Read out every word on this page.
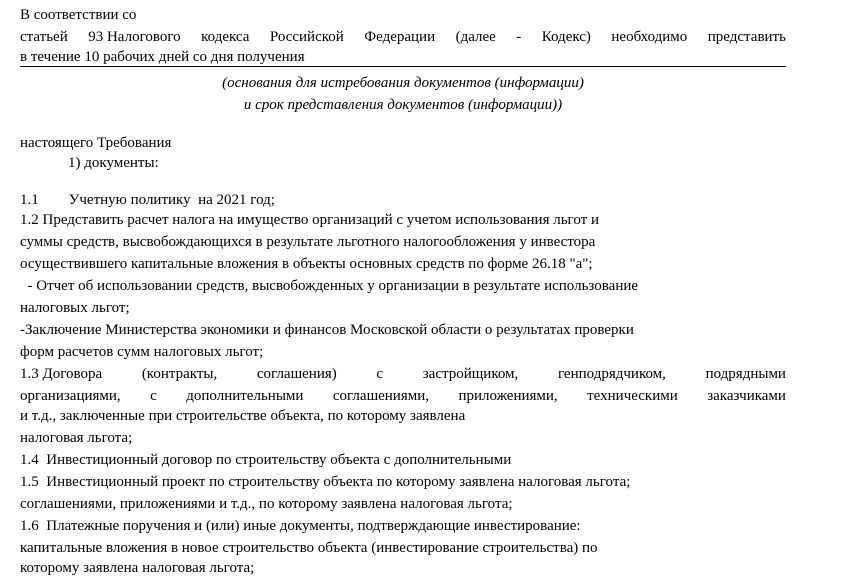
В соответствии со
статьей 93 Налогового кодекса Российской Федерации (далее - Кодекс) необходимо представить
в течение 10 рабочих дней со дня получения
(основания для истребования документов (информации)
и срок представления документов (информации))
настоящего Требования
1) документы:
1.1        Учетную политику  на 2021 год;
1.2 Представить расчет налога на имущество организаций с учетом использования льгот и
суммы средств, высвобождающихся в результате льготного налогообложения у инвестора
осуществившего капитальные вложения в объекты основных средств по форме 26.18 "а";
- Отчет об использовании средств, высвобожденных у организации в результате использование
налоговых льгот;
-Заключение Министерства экономики и финансов Московской области о результатах проверки
форм расчетов сумм налоговых льгот;
1.3 Договора	(контракты,	соглашения)	с	застройщиком,	генподрядчиком,	подрядными
организациями, с дополнительными соглашениями, приложениями, техническими заказчиками
и т.д., заключенные при строительстве объекта, по которому заявлена
налоговая льгота;
1.4  Инвестиционный договор по строительству объекта с дополнительными
1.5  Инвестиционный проект по строительству объекта по которому заявлена налоговая льгота;
соглашениями, приложениями и т.д., по которому заявлена налоговая льгота;
1.6  Платежные поручения и (или) иные документы, подтверждающие инвестирование:
капитальные вложения в новое строительство объекта (инвестирование строительства) по
которому заявлена налоговая льгота;
